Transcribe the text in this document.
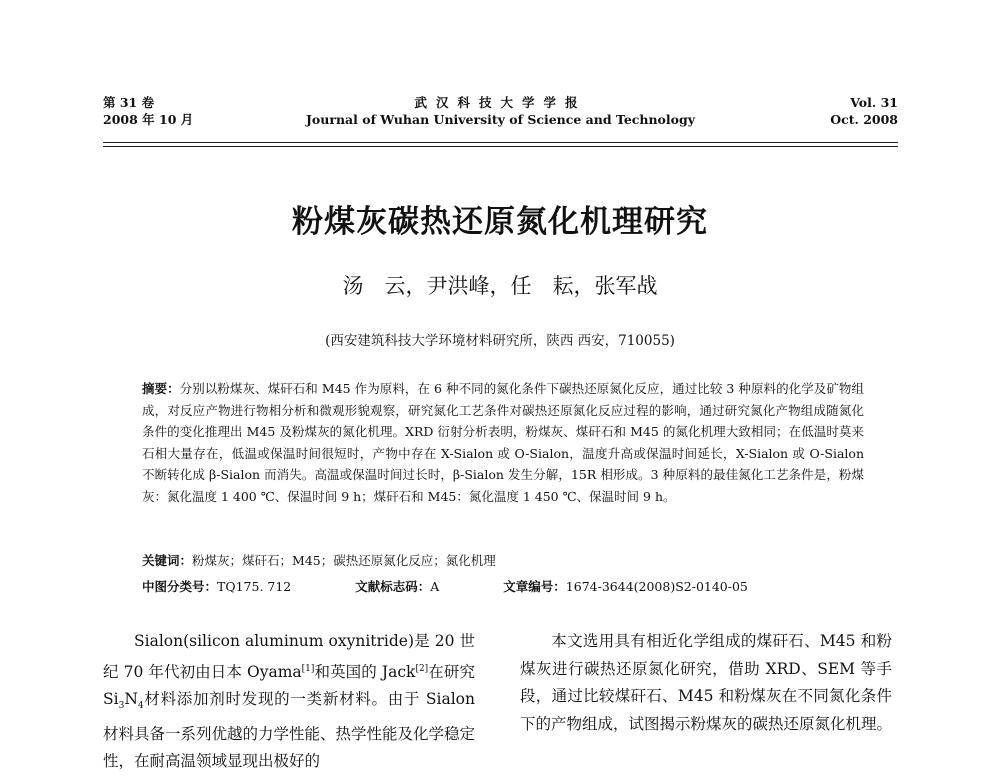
第 31 卷
2008 年 10 月
武汉科技大学学报
Journal of Wuhan University of Science and Technology
Vol. 31
Oct. 2008
粉煤灰碳热还原氮化机理研究
汤　云，尹洪峰，任　耘，张军战
(西安建筑科技大学环境材料研究所，陕西 西安，710055)
摘要：分别以粉煤灰、煤矸石和 M45 作为原料，在 6 种不同的氮化条件下碳热还原氮化反应，通过比较 3 种原料的化学及矿物组成，对反应产物进行物相分析和微观形貌观察，研究氮化工艺条件对碳热还原氮化反应过程的影响，通过研究氮化产物组成随氮化条件的变化推理出 M45 及粉煤灰的氮化机理。XRD 衍射分析表明，粉煤灰、煤矸石和 M45 的氮化机理大致相同；在低温时莫来石相大量存在，低温或保温时间很短时，产物中存在 X-Sialon 或 O-Sialon，温度升高或保温时间延长，X-Sialon 或 O-Sialon 不断转化成 β-Sialon 而消失。高温或保温时间过长时，β-Sialon 发生分解，15R 相形成。3 种原料的最佳氮化工艺条件是，粉煤灰：氮化温度 1 400 ℃、保温时间 9 h；煤矸石和 M45：氮化温度 1 450 ℃、保温时间 9 h。
关键词：粉煤灰；煤矸石；M45；碳热还原氮化反应；氮化机理
中图分类号：TQ175. 712	文献标志码：A	文章编号：1674-3644(2008)S2-0140-05
Sialon(silicon aluminum oxynitride)是 20 世纪 70 年代初由日本 Oyama[1]和英国的 Jack[2]在研究 $Si_3N_4$材料添加剂时发现的一类新材料。由于 Sialon 材料具备一系列优越的力学性能、热学性能及化学稳定性，在耐高温领域显现出极好的
本文选用具有相近化学组成的煤矸石、M45 和粉煤灰进行碳热还原氮化研究，借助 XRD、SEM 等手段，通过比较煤矸石、M45 和粉煤灰在不同氮化条件下的产物组成，试图揭示粉煤灰的碳热还原氮化机理。
